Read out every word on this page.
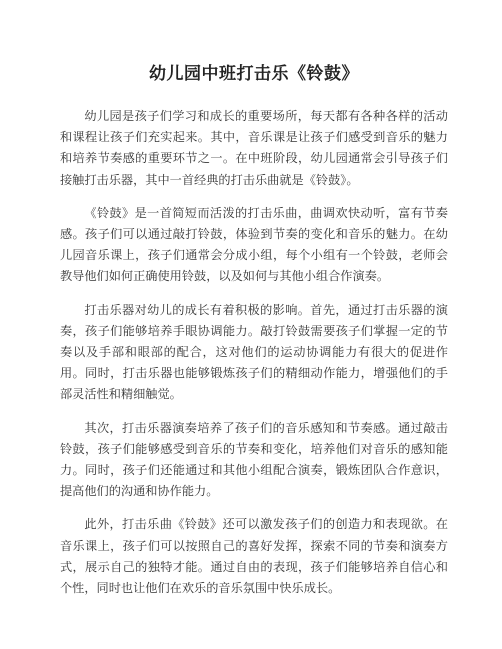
幼儿园中班打击乐《铃鼓》

幼儿园是孩子们学习和成长的重要场所，每天都有各种各样的活动和课程让孩子们充实起来。其中，音乐课是让孩子们感受到音乐的魅力和培养节奏感的重要环节之一。在中班阶段，幼儿园通常会引导孩子们接触打击乐器，其中一首经典的打击乐曲就是《铃鼓》。

《铃鼓》是一首简短而活泼的打击乐曲，曲调欢快动听，富有节奏感。孩子们可以通过敲打铃鼓，体验到节奏的变化和音乐的魅力。在幼儿园音乐课上，孩子们通常会分成小组，每个小组有一个铃鼓，老师会教导他们如何正确使用铃鼓，以及如何与其他小组合作演奏。

打击乐器对幼儿的成长有着积极的影响。首先，通过打击乐器的演奏，孩子们能够培养手眼协调能力。敲打铃鼓需要孩子们掌握一定的节奏以及手部和眼部的配合，这对他们的运动协调能力有很大的促进作用。同时，打击乐器也能够锻炼孩子们的精细动作能力，增强他们的手部灵活性和精细触觉。

其次，打击乐器演奏培养了孩子们的音乐感知和节奏感。通过敲击铃鼓，孩子们能够感受到音乐的节奏和变化，培养他们对音乐的感知能力。同时，孩子们还能通过和其他小组配合演奏，锻炼团队合作意识，提高他们的沟通和协作能力。

此外，打击乐曲《铃鼓》还可以激发孩子们的创造力和表现欲。在音乐课上，孩子们可以按照自己的喜好发挥，探索不同的节奏和演奏方式，展示自己的独特才能。通过自由的表现，孩子们能够培养自信心和个性，同时也让他们在欢乐的音乐氛围中快乐成长。
